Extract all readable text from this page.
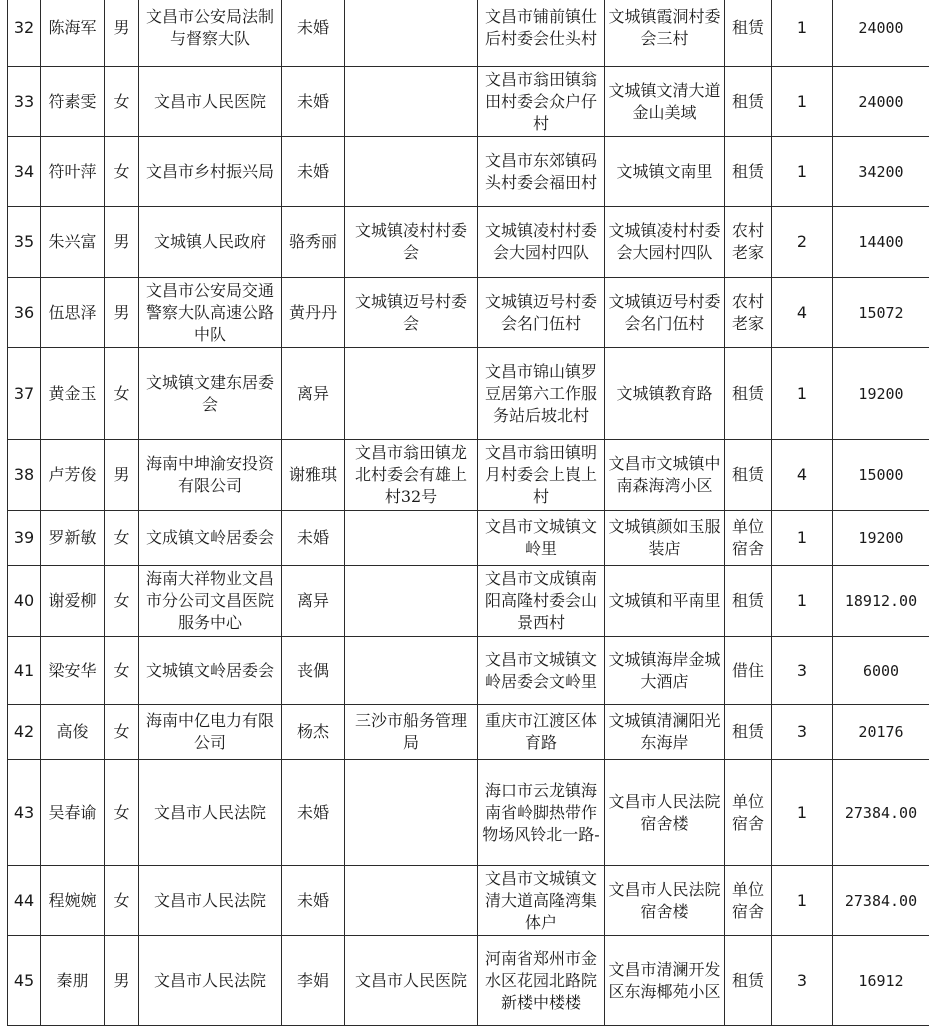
32	陈海军	男	文昌市公安局法制与督察大队	未婚		文昌市铺前镇仕后村委会仕头村	文城镇霞洞村委会三村	租赁	1	24000
33	符素雯	女	文昌市人民医院	未婚		文昌市翁田镇翁田村委会众户仔村	文城镇文清大道金山美域	租赁	1	24000
34	符叶萍	女	文昌市乡村振兴局	未婚		文昌市东郊镇码头村委会福田村	文城镇文南里	租赁	1	34200
35	朱兴富	男	文城镇人民政府	骆秀丽	文城镇凌村村委会	文城镇凌村村委会大园村四队	文城镇凌村村委会大园村四队	农村老家	2	14400
36	伍思泽	男	文昌市公安局交通警察大队高速公路中队	黄丹丹	文城镇迈号村委会	文城镇迈号村委会名门伍村	文城镇迈号村委会名门伍村	农村老家	4	15072
37	黄金玉	女	文城镇文建东居委会	离异		文昌市锦山镇罗豆居第六工作服务站后坡北村	文城镇教育路	租赁	1	19200
38	卢芳俊	男	海南中坤渝安投资有限公司	谢雅琪	文昌市翁田镇龙北村委会有雄上村32号	文昌市翁田镇明月村委会上崀上村	文昌市文城镇中南森海湾小区	租赁	4	15000
39	罗新敏	女	文成镇文岭居委会	未婚		文昌市文城镇文岭里	文城镇颜如玉服装店	单位宿舍	1	19200
40	谢爱柳	女	海南大祥物业文昌市分公司文昌医院服务中心	离异		文昌市文成镇南阳高隆村委会山景西村	文城镇和平南里	租赁	1	18912.00
41	梁安华	女	文城镇文岭居委会	丧偶		文昌市文城镇文岭居委会文岭里	文城镇海岸金城大酒店	借住	3	6000
42	高俊	女	海南中亿电力有限公司	杨杰	三沙市船务管理局	重庆市江渡区体育路	文城镇清澜阳光东海岸	租赁	3	20176
43	吴春谕	女	文昌市人民法院	未婚		海口市云龙镇海南省岭脚热带作物场风铃北一路-	文昌市人民法院宿舍楼	单位宿舍	1	27384.00
44	程婉婉	女	文昌市人民法院	未婚		文昌市文城镇文清大道高隆湾集体户	文昌市人民法院宿舍楼	单位宿舍	1	27384.00
45	秦朋	男	文昌市人民法院	李娟	文昌市人民医院	河南省郑州市金水区花园北路院新楼中楼楼	文昌市清澜开发区东海椰苑小区	租赁	3	16912
